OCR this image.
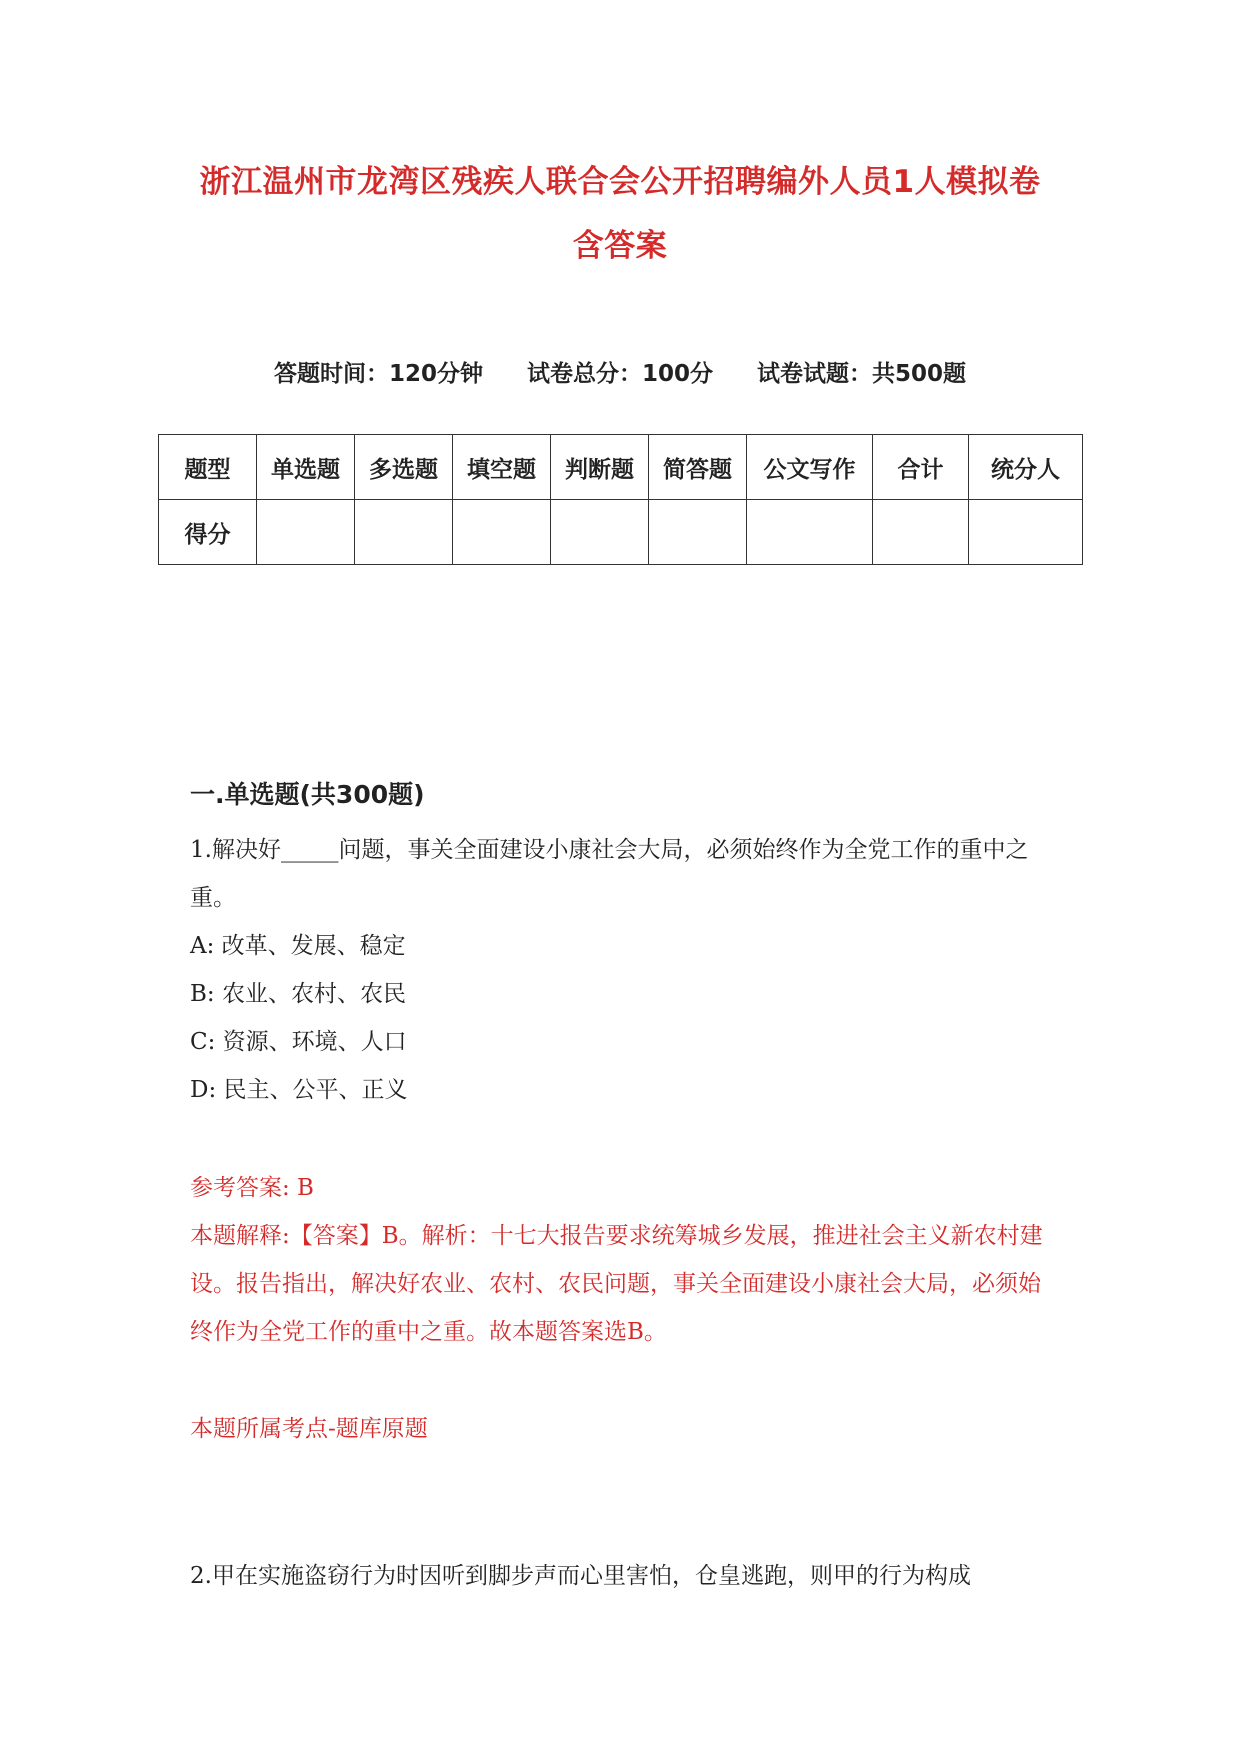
浙江温州市龙湾区残疾人联合会公开招聘编外人员1人模拟卷含答案
答题时间：120分钟 试卷总分：100分 试卷试题：共500题
题型	单选题	多选题	填空题	判断题	简答题	公文写作	合计	统分人
得分								
一.单选题(共300题)
1.解决好_____问题，事关全面建设小康社会大局，必须始终作为全党工作的重中之重。
A: 改革、发展、稳定
B: 农业、农村、农民
C: 资源、环境、人口
D: 民主、公平、正义
参考答案: B
本题解释:【答案】B。解析：十七大报告要求统筹城乡发展，推进社会主义新农村建设。报告指出，解决好农业、农村、农民问题，事关全面建设小康社会大局，必须始终作为全党工作的重中之重。故本题答案选B。
本题所属考点-题库原题
2.甲在实施盗窃行为时因听到脚步声而心里害怕，仓皇逃跑，则甲的行为构成
